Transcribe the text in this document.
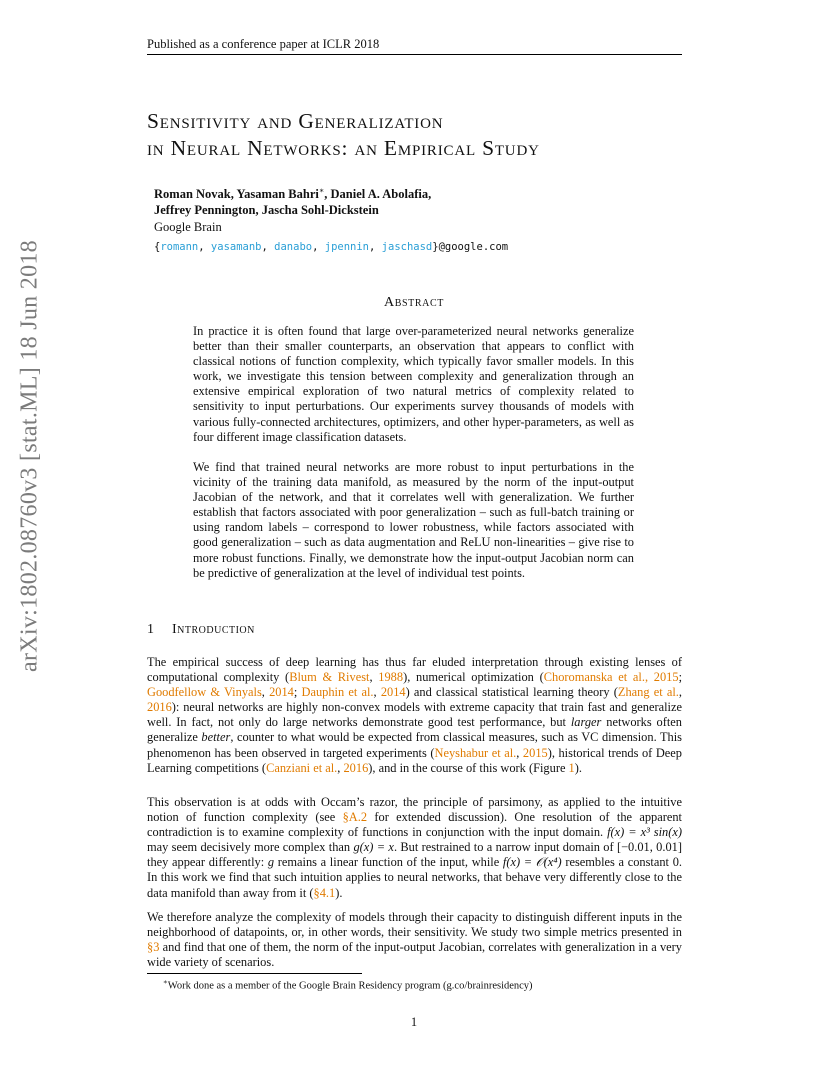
Published as a conference paper at ICLR 2018
Sensitivity and Generalization
in Neural Networks: an Empirical Study
Roman Novak, Yasaman Bahri∗, Daniel A. Abolafia,
Jeffrey Pennington, Jascha Sohl-Dickstein
Google Brain
{romann, yasamanb, danabo, jpennin, jaschasd}@google.com
arXiv:1802.08760v3 [stat.ML] 18 Jun 2018	Abstract
In practice it is often found that large over-parameterized neural networks generalize better than their smaller counterparts, an observation that appears to conflict with classical notions of function complexity, which typically favor smaller models. In this work, we investigate this tension between complexity and generalization through an extensive empirical exploration of two natural metrics of complexity related to sensitivity to input perturbations. Our experiments survey thousands of models with various fully-connected architectures, optimizers, and other hyper-parameters, as well as four different image classification datasets.
We find that trained neural networks are more robust to input perturbations in the vicinity of the training data manifold, as measured by the norm of the input-output Jacobian of the network, and that it correlates well with generalization. We further establish that factors associated with poor generalization – such as full-batch training or using random labels – correspond to lower robustness, while factors associated with good generalization – such as data augmentation and ReLU non-linearities – give rise to more robust functions. Finally, we demonstrate how the input-output Jacobian norm can be predictive of generalization at the level of individual test points.
1 Introduction
The empirical success of deep learning has thus far eluded interpretation through existing lenses of computational complexity (Blum & Rivest, 1988), numerical optimization (Choromanska et al., 2015; Goodfellow & Vinyals, 2014; Dauphin et al., 2014) and classical statistical learning theory (Zhang et al., 2016): neural networks are highly non-convex models with extreme capacity that train fast and generalize well. In fact, not only do large networks demonstrate good test performance, but larger networks often generalize better, counter to what would be expected from classical measures, such as VC dimension. This phenomenon has been observed in targeted experiments (Neyshabur et al., 2015), historical trends of Deep Learning competitions (Canziani et al., 2016), and in the course of this work (Figure 1).
This observation is at odds with Occam’s razor, the principle of parsimony, as applied to the intuitive notion of function complexity (see §A.2 for extended discussion). One resolution of the apparent contradiction is to examine complexity of functions in conjunction with the input domain. f(x) = x³ sin(x) may seem decisively more complex than g(x) = x. But restrained to a narrow input domain of [−0.01, 0.01] they appear differently: g remains a linear function of the input, while f(x) = 𝒪(x⁴) resembles a constant 0. In this work we find that such intuition applies to neural networks, that behave very differently close to the data manifold than away from it (§4.1).
We therefore analyze the complexity of models through their capacity to distinguish different inputs in the neighborhood of datapoints, or, in other words, their sensitivity. We study two simple metrics presented in §3 and find that one of them, the norm of the input-output Jacobian, correlates with generalization in a very wide variety of scenarios.
∗Work done as a member of the Google Brain Residency program (g.co/brainresidency)
1
